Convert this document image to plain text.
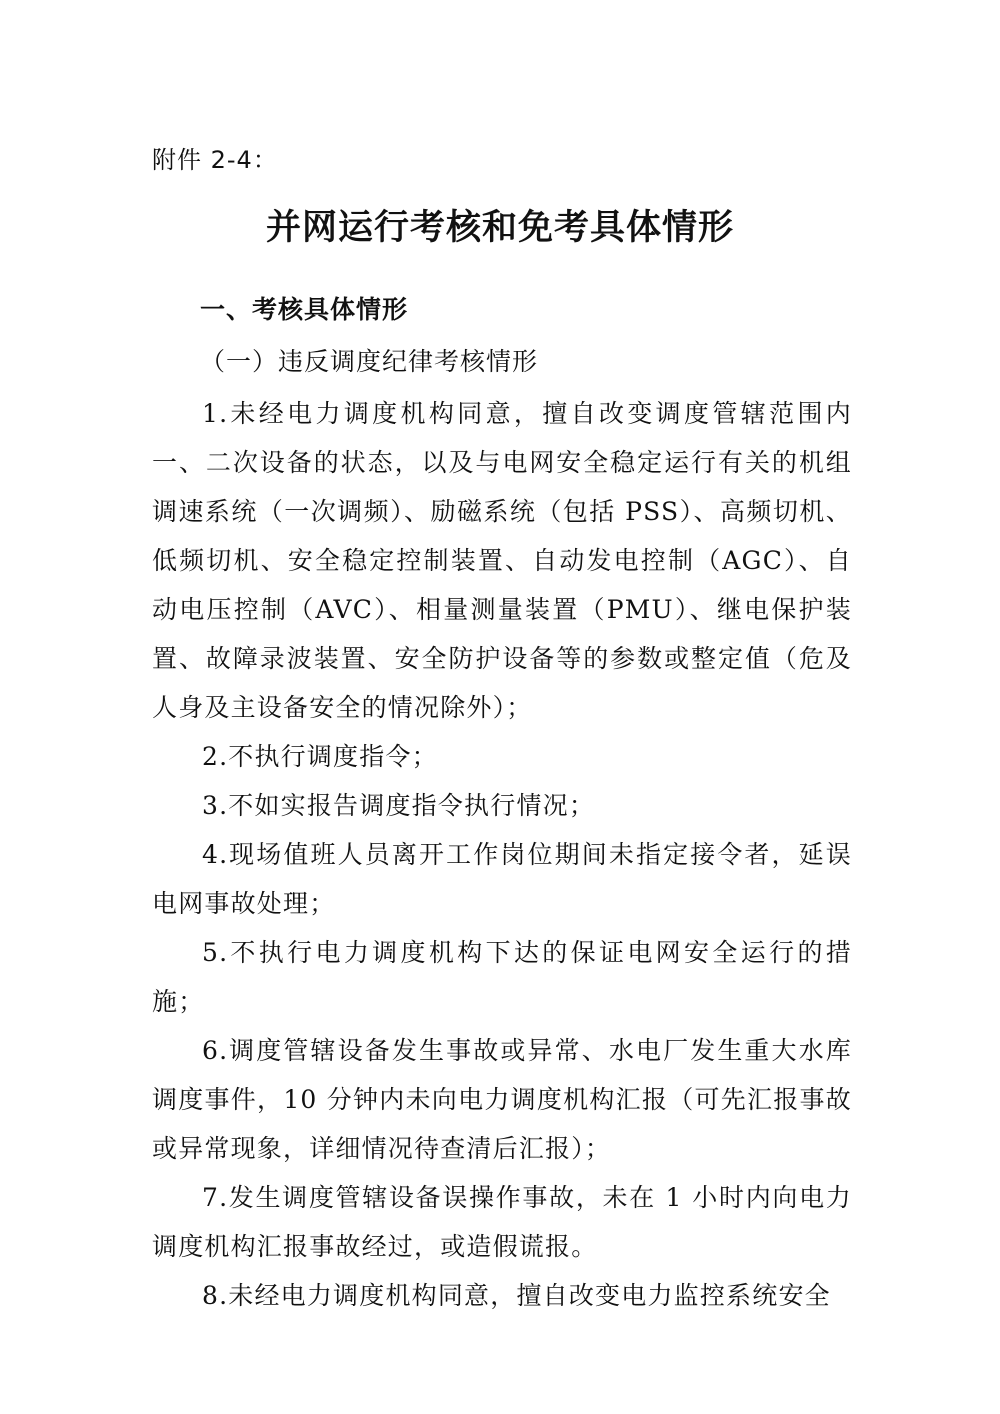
附件 2-4：
并网运行考核和免考具体情形
一、考核具体情形
（一）违反调度纪律考核情形

1.未经电力调度机构同意，擅自改变调度管辖范围内一、二次设备的状态，以及与电网安全稳定运行有关的机组调速系统（一次调频）、励磁系统（包括 PSS）、高频切机、低频切机、安全稳定控制装置、自动发电控制（AGC）、自动电压控制（AVC）、相量测量装置（PMU）、继电保护装置、故障录波装置、安全防护设备等的参数或整定值（危及人身及主设备安全的情况除外）；

2.不执行调度指令；

3.不如实报告调度指令执行情况；

4.现场值班人员离开工作岗位期间未指定接令者，延误电网事故处理；

5.不执行电力调度机构下达的保证电网安全运行的措施；

6.调度管辖设备发生事故或异常、水电厂发生重大水库调度事件，10 分钟内未向电力调度机构汇报（可先汇报事故或异常现象，详细情况待查清后汇报）；

7.发生调度管辖设备误操作事故，未在 1 小时内向电力调度机构汇报事故经过，或造假谎报。

8.未经电力调度机构同意，擅自改变电力监控系统安全
